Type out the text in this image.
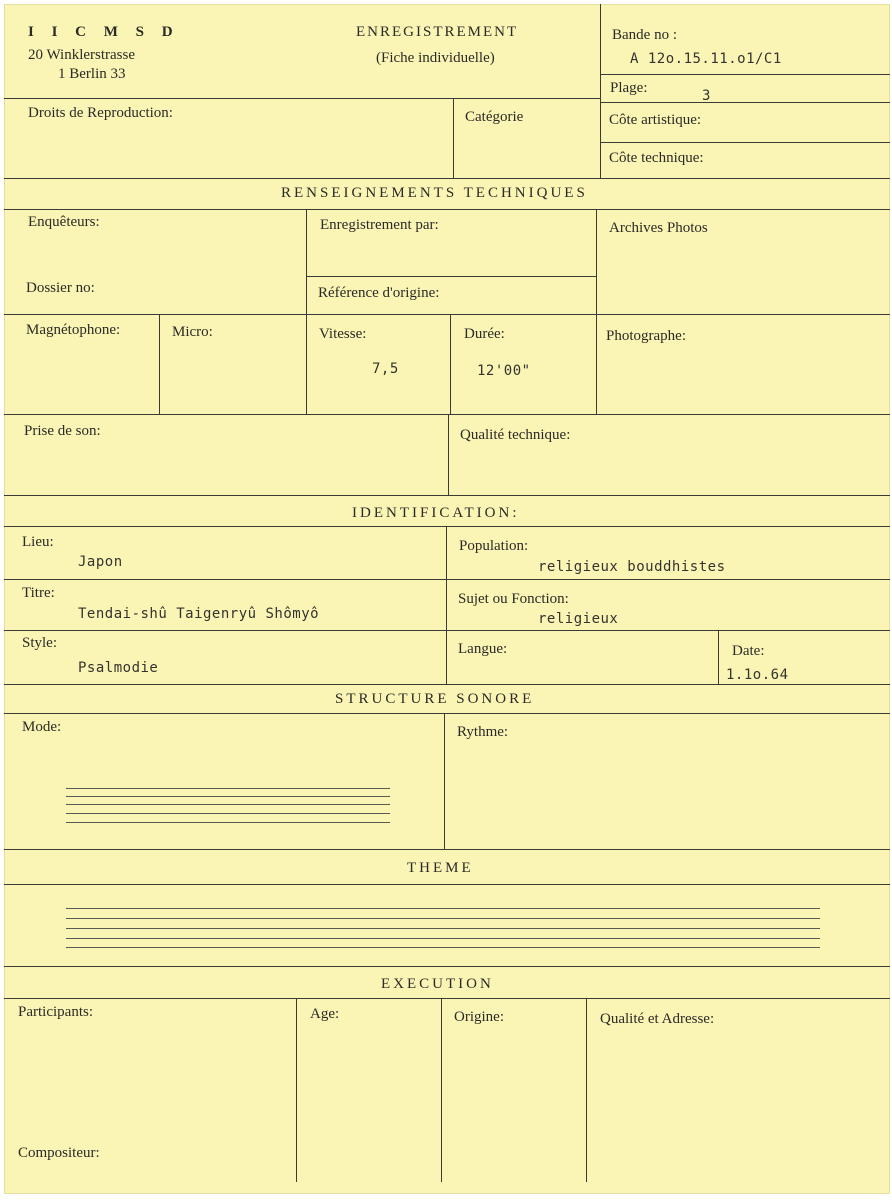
I I C M S D
20 Winklerstrasse
1 Berlin 33
ENREGISTREMENT
(Fiche individuelle)
Bande no :
A 12o.15.11.o1/C1
Plage:	3
Droits de Reproduction:	Catégorie	Côte artistique:
Côte technique:
RENSEIGNEMENTS TECHNIQUES
Enquêteurs:	Enregistrement par:	Archives Photos
Dossier no:	Référence d'origine:
Magnétophone:	Micro:	Vitesse:
7,5
Durée:
12'00"
Photographe:
Prise de son:	Qualité technique:
IDENTIFICATION:
Lieu:
Japon
Population:
religieux bouddhistes
Titre:
Tendai-shû Taigenryû Shômyô
Sujet ou Fonction:
religieux
Style:
Psalmodie
Langue:	Date:
1.1o.64
STRUCTURE SONORE
Mode:	Rythme:
THEME
EXECUTION
Participants:	Age:	Origine:	Qualité et Adresse:
Compositeur:
